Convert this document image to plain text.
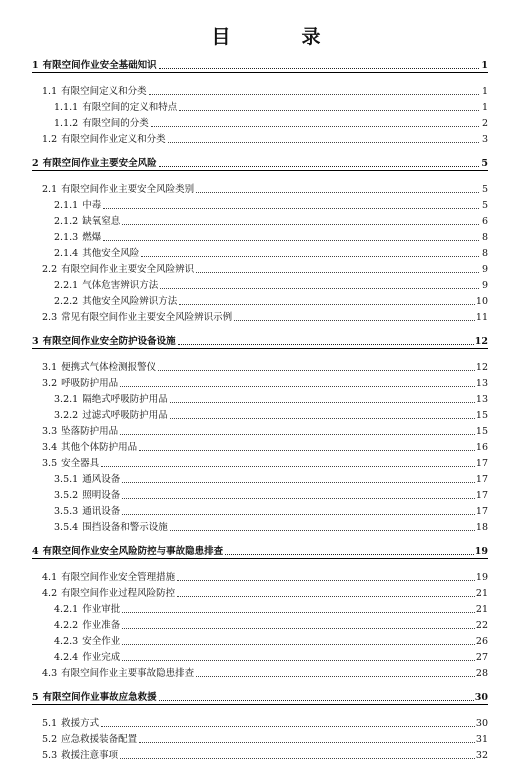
目　录
1 有限空间作业安全基础知识	1
1.1 有限空间定义和分类	1
1.1.1 有限空间的定义和特点	1
1.1.2 有限空间的分类	2
1.2 有限空间作业定义和分类	3
2 有限空间作业主要安全风险	5
2.1 有限空间作业主要安全风险类别	5
2.1.1 中毒	5
2.1.2 缺氧窒息	6
2.1.3 燃爆	8
2.1.4 其他安全风险	8
2.2 有限空间作业主要安全风险辨识	9
2.2.1 气体危害辨识方法	9
2.2.2 其他安全风险辨识方法	10
2.3 常见有限空间作业主要安全风险辨识示例	11
3 有限空间作业安全防护设备设施	12
3.1 便携式气体检测报警仪	12
3.2 呼吸防护用品	13
3.2.1 隔绝式呼吸防护用品	13
3.2.2 过滤式呼吸防护用品	15
3.3 坠落防护用品	15
3.4 其他个体防护用品	16
3.5 安全器具	17
3.5.1 通风设备	17
3.5.2 照明设备	17
3.5.3 通讯设备	17
3.5.4 围挡设备和警示设施	18
4 有限空间作业安全风险防控与事故隐患排查	19
4.1 有限空间作业安全管理措施	19
4.2 有限空间作业过程风险防控	21
4.2.1 作业审批	21
4.2.2 作业准备	22
4.2.3 安全作业	26
4.2.4 作业完成	27
4.3 有限空间作业主要事故隐患排查	28
5 有限空间作业事故应急救援	30
5.1 救援方式	30
5.2 应急救援装备配置	31
5.3 救援注意事项	32
